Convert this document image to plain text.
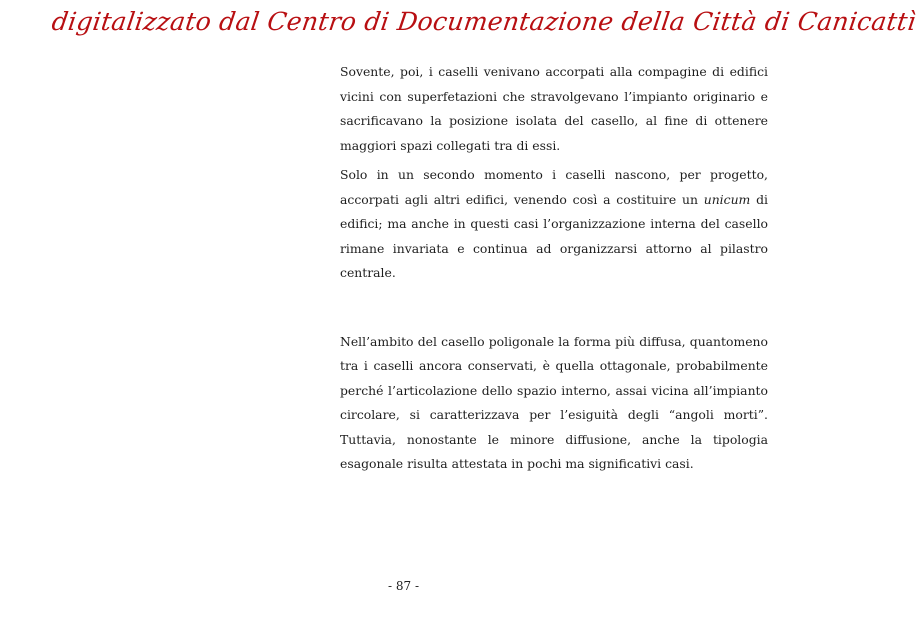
digitalizzato dal Centro di Documentazione della Città di Canicattì

Sovente, poi, i caselli venivano accorpati alla compagine di edifici vicini con superfetazioni che stravolgevano l’impianto originario e sacrificavano la posizione isolata del casello, al fine di ottenere maggiori spazi collegati tra di essi.

Solo in un secondo momento i caselli nascono, per progetto, accorpati agli altri edifici, venendo così a costituire un unicum di edifici; ma anche in questi casi l’organizzazione interna del casello rimane invariata e continua ad organizzarsi attorno al pilastro centrale.

Nell’ambito del casello poligonale la forma più diffusa, quantomeno tra i caselli ancora conservati, è quella ottagonale, probabilmente perché l’articolazione dello spazio interno, assai vicina all’impianto circolare, si caratterizzava per l’esiguità degli “angoli morti”. Tuttavia, nonostante le minore diffusione, anche la tipologia esagonale risulta attestata in pochi ma significativi casi.

- 87 -
